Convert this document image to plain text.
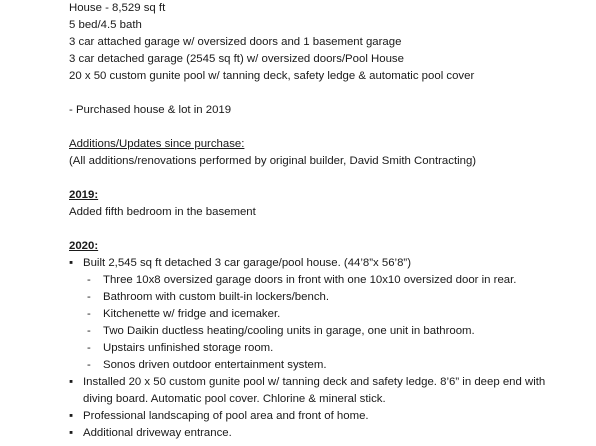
House - 8,529 sq ft
5 bed/4.5 bath
3 car attached garage w/ oversized doors and 1 basement garage
3 car detached garage (2545 sq ft) w/ oversized doors/Pool House
20 x 50 custom gunite pool w/ tanning deck, safety ledge & automatic pool cover
- Purchased house & lot in 2019
Additions/Updates since purchase:
(All additions/renovations performed by original builder, David Smith Contracting)
2019:
Added fifth bedroom in the basement
2020:
▪ Built 2,545 sq ft detached 3 car garage/pool house. (44’8”x 56’8”)
- Three 10x8 oversized garage doors in front with one 10x10 oversized door in rear.
- Bathroom with custom built-in lockers/bench.
- Kitchenette w/ fridge and icemaker.
- Two Daikin ductless heating/cooling units in garage, one unit in bathroom.
- Upstairs unfinished storage room.
- Sonos driven outdoor entertainment system.
▪ Installed 20 x 50 custom gunite pool w/ tanning deck and safety ledge. 8’6” in deep end with
diving board. Automatic pool cover. Chlorine & mineral stick.
▪ Professional landscaping of pool area and front of home.
▪ Additional driveway entrance.
